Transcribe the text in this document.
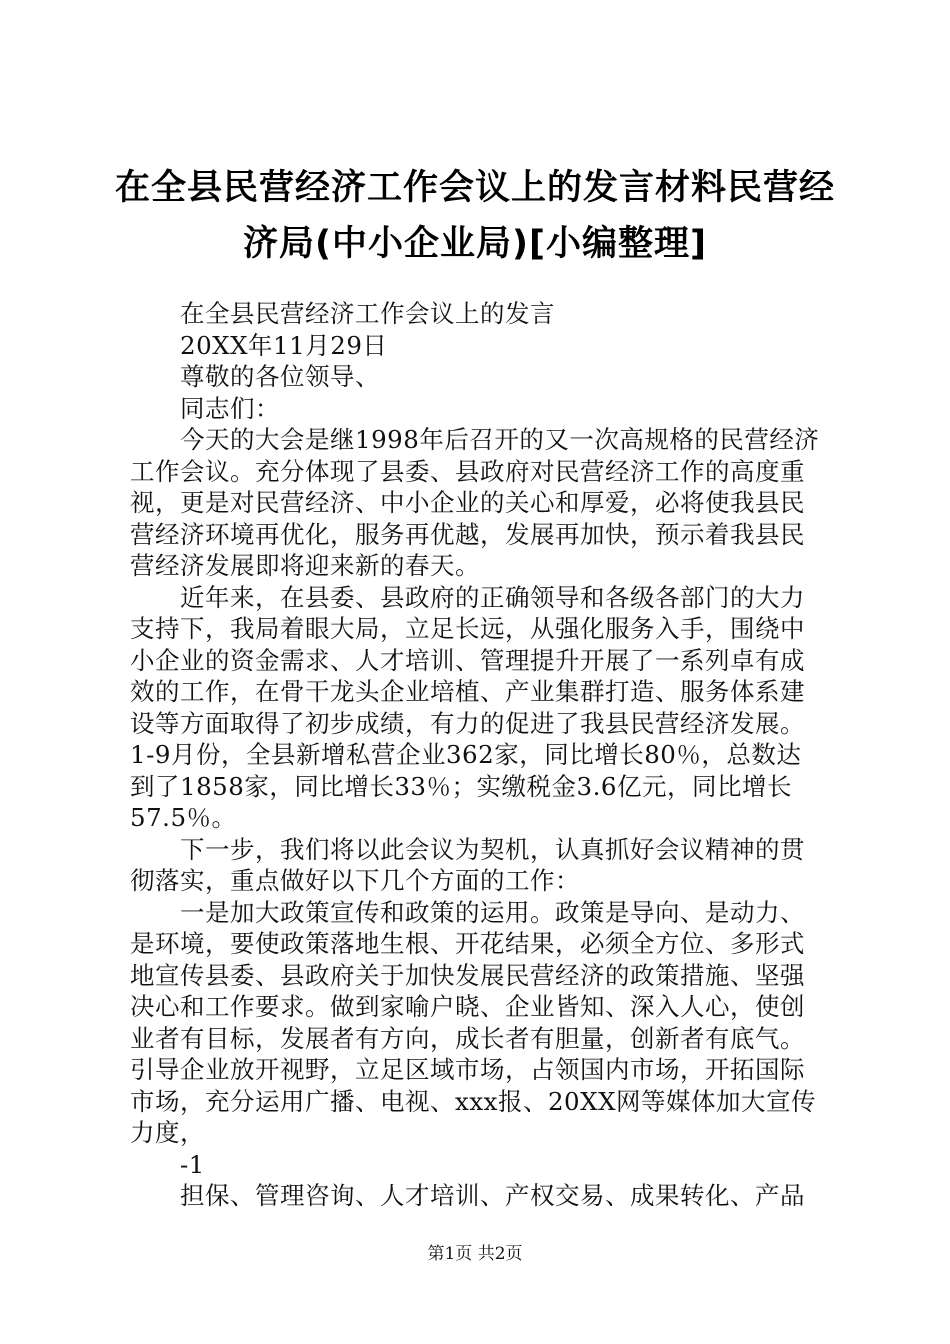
在全县民营经济工作会议上的发言材料民营经
济局(中小企业局)[小编整理]
在全县民营经济工作会议上的发言
20XX年11月29日
尊敬的各位领导、
同志们：
今天的大会是继1998年后召开的又一次高规格的民营经济
工作会议。充分体现了县委、县政府对民营经济工作的高度重
视，更是对民营经济、中小企业的关心和厚爱，必将使我县民
营经济环境再优化，服务再优越，发展再加快，预示着我县民
营经济发展即将迎来新的春天。
近年来，在县委、县政府的正确领导和各级各部门的大力
支持下，我局着眼大局，立足长远，从强化服务入手，围绕中
小企业的资金需求、人才培训、管理提升开展了一系列卓有成
效的工作，在骨干龙头企业培植、产业集群打造、服务体系建
设等方面取得了初步成绩，有力的促进了我县民营经济发展。
1-9月份，全县新增私营企业362家，同比增长80％，总数达
到了1858家，同比增长33％；实缴税金3.6亿元，同比增长
57.5％。
下一步，我们将以此会议为契机，认真抓好会议精神的贯
彻落实，重点做好以下几个方面的工作：
一是加大政策宣传和政策的运用。政策是导向、是动力、
是环境，要使政策落地生根、开花结果，必须全方位、多形式
地宣传县委、县政府关于加快发展民营经济的政策措施、坚强
决心和工作要求。做到家喻户晓、企业皆知、深入人心，使创
业者有目标，发展者有方向，成长者有胆量，创新者有底气。
引导企业放开视野，立足区域市场，占领国内市场，开拓国际
市场，充分运用广播、电视、xxx报、20XX网等媒体加大宣传
力度，
-1
担保、管理咨询、人才培训、产权交易、成果转化、产品
第1页 共2页
